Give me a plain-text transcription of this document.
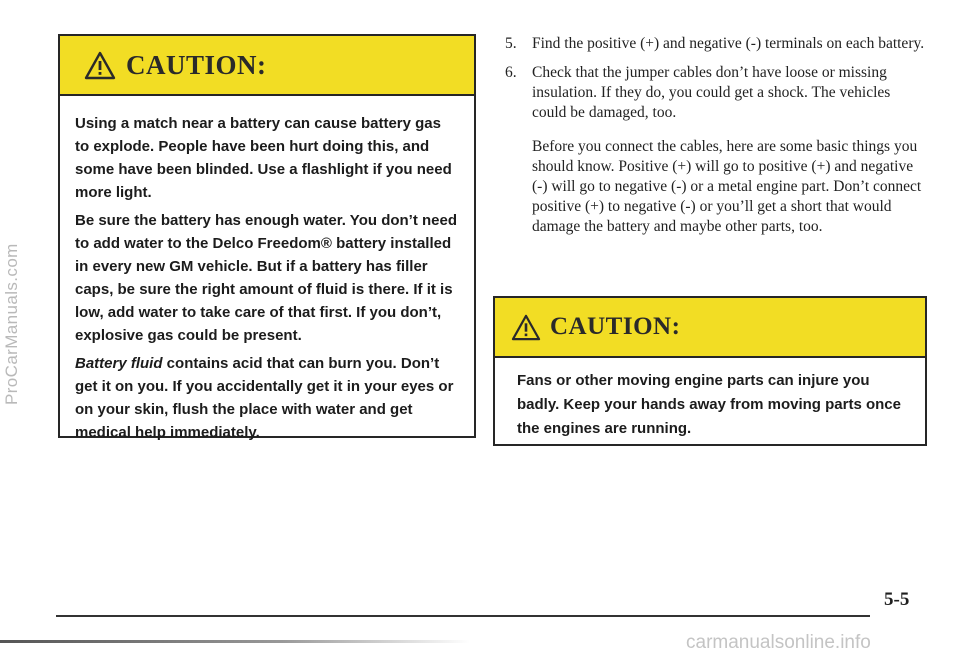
ProCarManuals.com
CAUTION:

Using a match near a battery can cause battery gas to explode. People have been hurt doing this, and some have been blinded. Use a flashlight if you need more light.

Be sure the battery has enough water. You don’t need to add water to the Delco Freedom® battery installed in every new GM vehicle. But if a battery has filler caps, be sure the right amount of fluid is there. If it is low, add water to take care of that first. If you don’t, explosive gas could be present.

Battery fluid contains acid that can burn you. Don’t get it on you. If you accidentally get it in your eyes or on your skin, flush the place with water and get medical help immediately.

5. Find the positive (+) and negative (-) terminals on each battery.
6. Check that the jumper cables don’t have loose or missing insulation. If they do, you could get a shock. The vehicles could be damaged, too.
Before you connect the cables, here are some basic things you should know. Positive (+) will go to positive (+) and negative (-) will go to negative (-) or a metal engine part. Don’t connect positive (+) to negative (-) or you’ll get a short that would damage the battery and maybe other parts, too.
CAUTION:

Fans or other moving engine parts can injure you badly. Keep your hands away from moving parts once the engines are running.

5-5
carmanualsonline.info
